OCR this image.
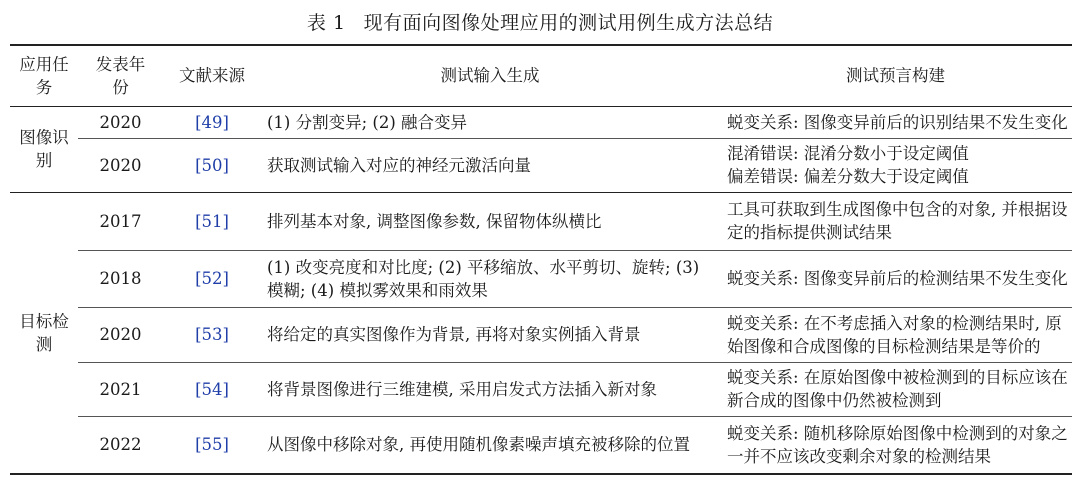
表 1 现有面向图像处理应用的测试用例生成方法总结
应用任务	发表年份	文献来源	测试输入生成	测试预言构建
图像识别	2020	[49]	(1) 分割变异; (2) 融合变异	蜕变关系: 图像变异前后的识别结果不发生变化
	2020	[50]	获取测试输入对应的神经元激活向量	混淆错误: 混淆分数小于设定阈值
偏差错误: 偏差分数大于设定阈值
目标检测	2017	[51]	排列基本对象, 调整图像参数, 保留物体纵横比	工具可获取到生成图像中包含的对象, 并根据设定的指标提供测试结果
	2018	[52]	(1) 改变亮度和对比度; (2) 平移缩放、水平剪切、旋转; (3) 模糊; (4) 模拟雾效果和雨效果	蜕变关系: 图像变异前后的检测结果不发生变化
	2020	[53]	将给定的真实图像作为背景, 再将对象实例插入背景	蜕变关系: 在不考虑插入对象的检测结果时, 原始图像和合成图像的目标检测结果是等价的
	2021	[54]	将背景图像进行三维建模, 采用启发式方法插入新对象	蜕变关系: 在原始图像中被检测到的目标应该在新合成的图像中仍然被检测到
	2022	[55]	从图像中移除对象, 再使用随机像素噪声填充被移除的位置	蜕变关系: 随机移除原始图像中检测到的对象之一并不应该改变剩余对象的检测结果
